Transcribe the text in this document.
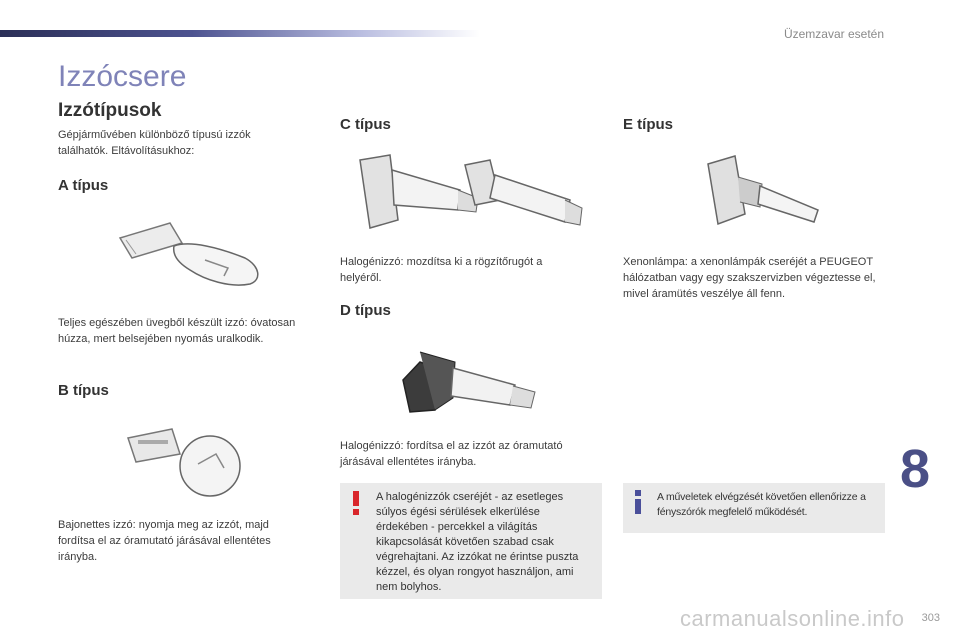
Üzemzavar esetén
Izzócsere
Izzótípusok

Gépjárművében különböző típusú izzók találhatók. Eltávolításukhoz:

A típus

Teljes egészében üvegből készült izzó: óvatosan húzza, mert belsejében nyomás uralkodik.

B típus

Bajonettes izzó: nyomja meg az izzót, majd fordítsa el az óramutató járásával ellentétes irányba.

C típus

Halogénizzó: mozdítsa ki a rögzítőrugót a helyéről.

D típus

Halogénizzó: fordítsa el az izzót az óramutató járásával ellentétes irányba.

A halogénizzók cseréjét - az esetleges súlyos égési sérülések elkerülése érdekében - percekkel a világítás kikapcsolását követően szabad csak végrehajtani. Az izzókat ne érintse puszta kézzel, és olyan rongyot használjon, ami nem bolyhos.

E típus

Xenonlámpa: a xenonlámpák cseréjét a PEUGEOT hálózatban vagy egy szakszervizben végeztesse el, mivel áramütés veszélye áll fenn.

A műveletek elvégzését követően ellenőrizze a fényszórók megfelelő működését.

8
carmanualsonline.info 303
